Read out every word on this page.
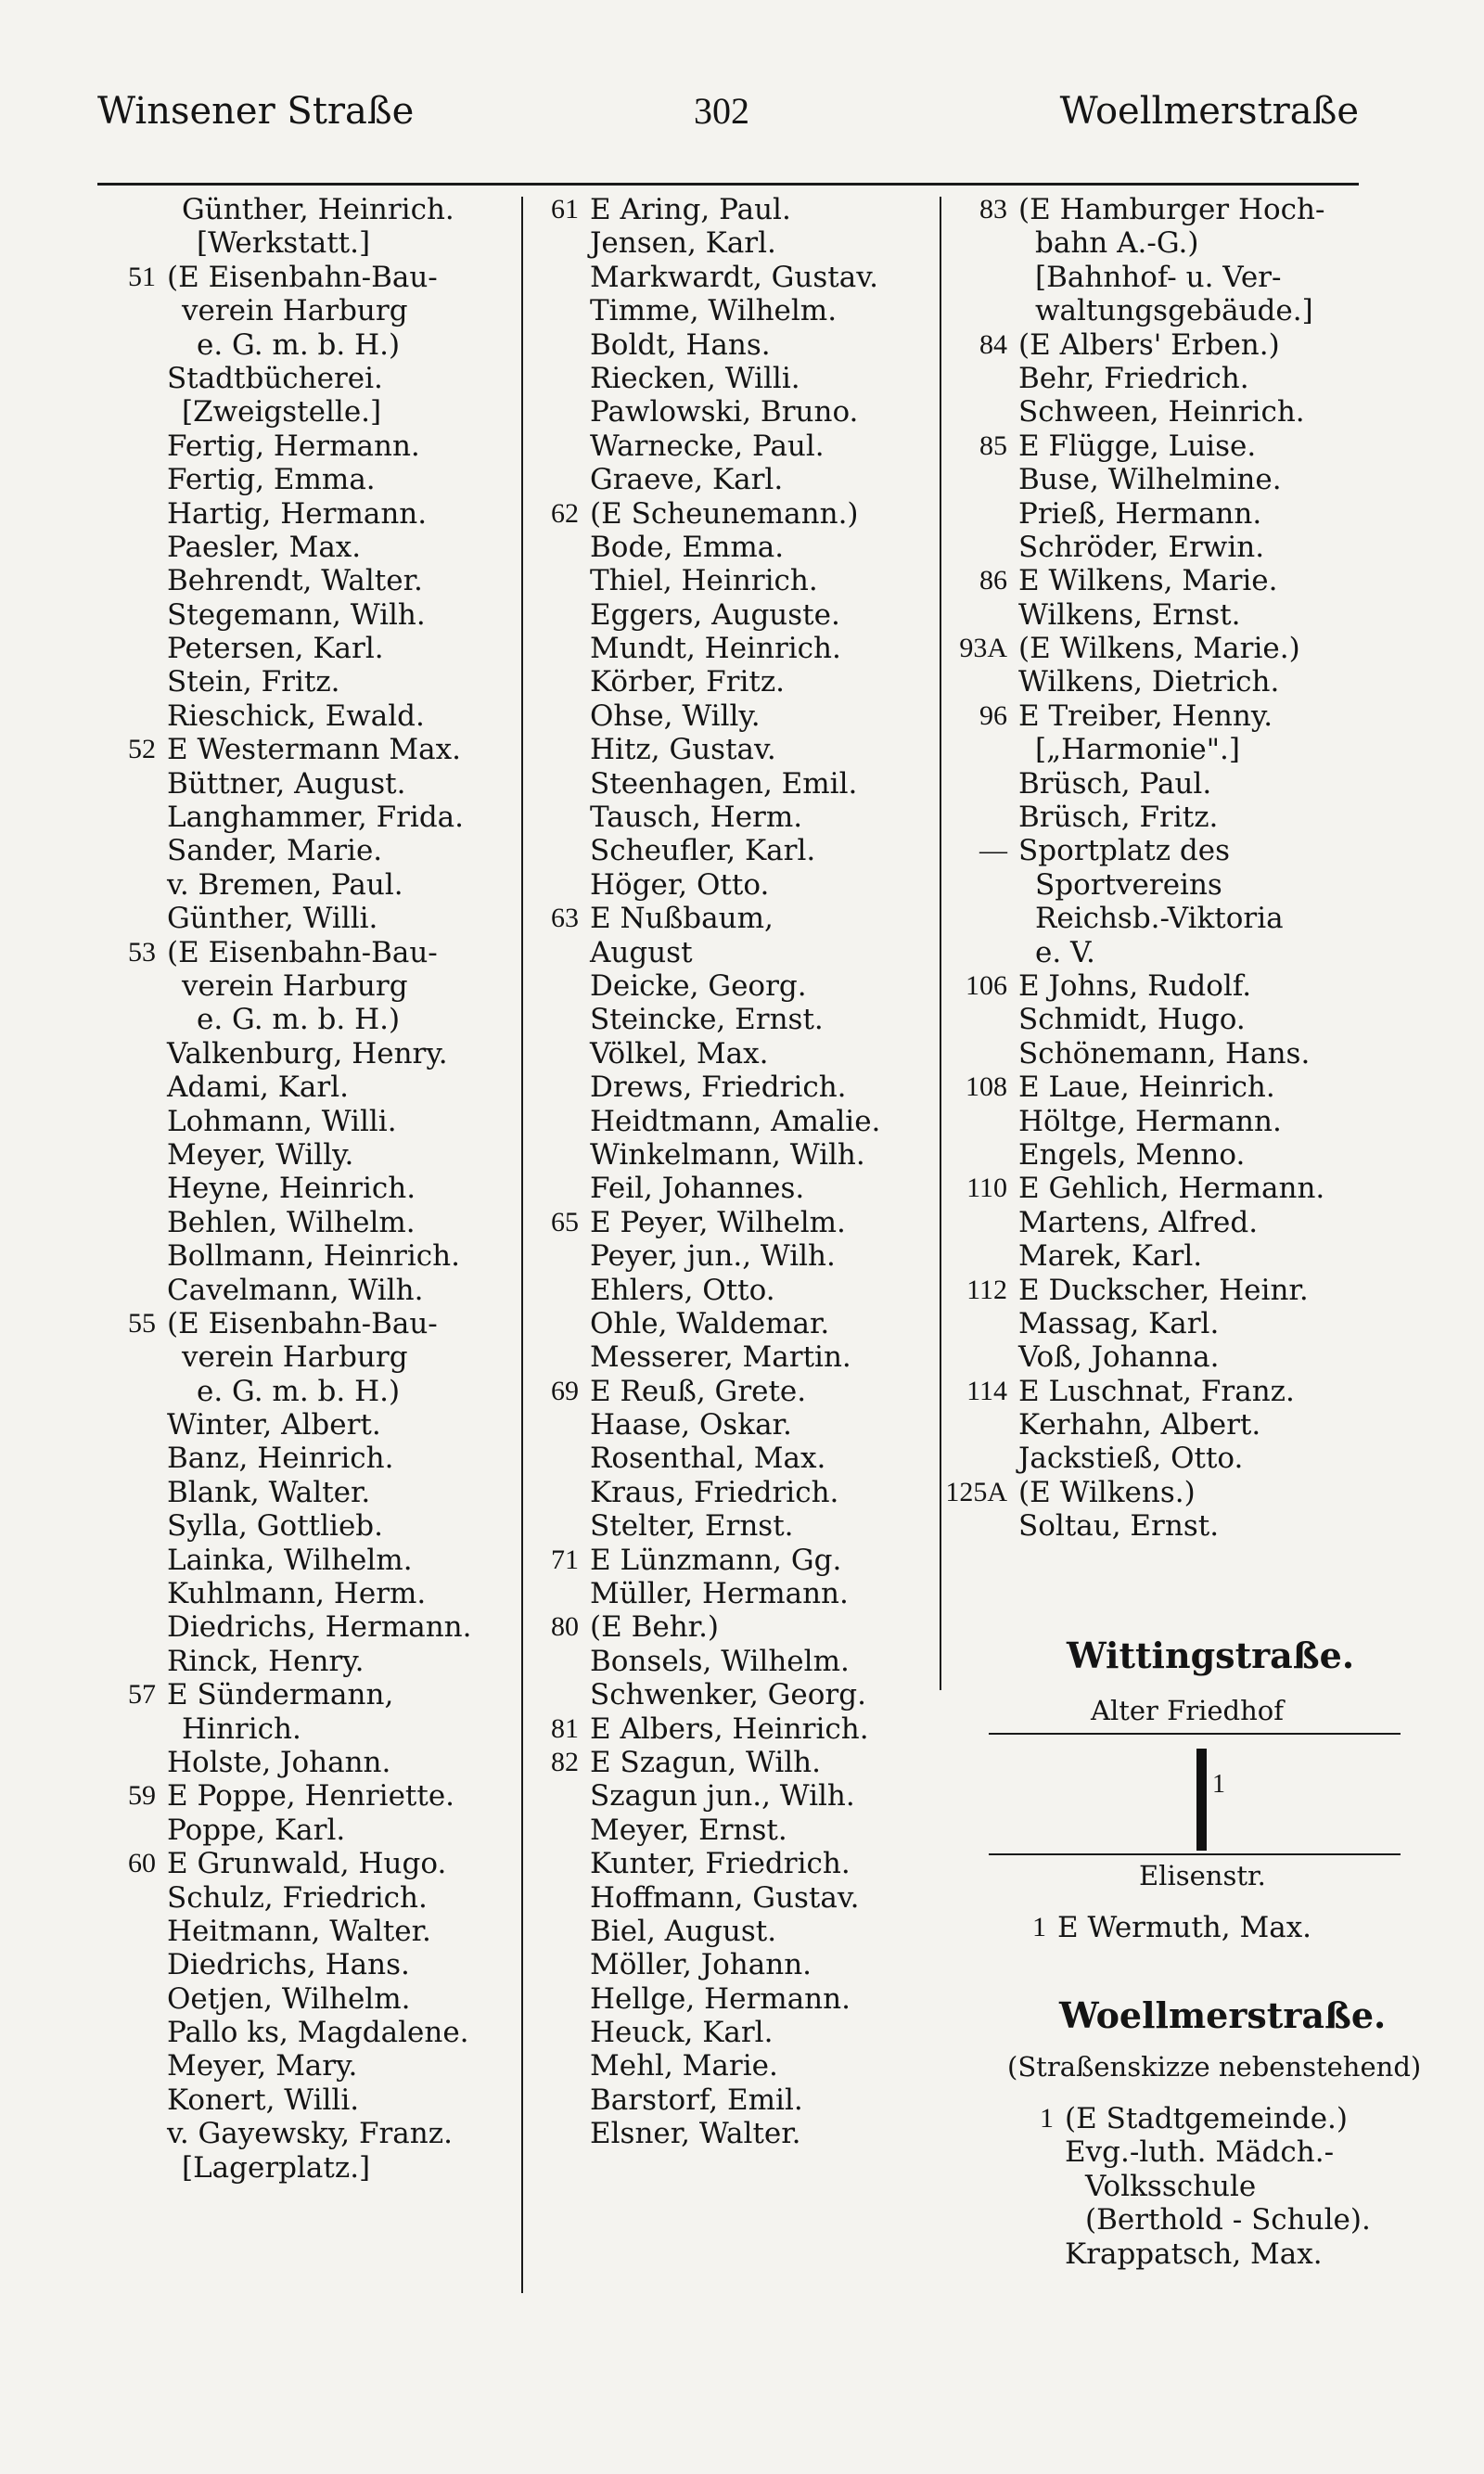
Winsener Straße	302	Woellmerstraße
Günther, Heinrich.
[Werkstatt.]
51 (E Eisenbahn-Bau-
verein Harburg
e. G. m. b. H.)
Stadtbücherei.
[Zweigstelle.]
Fertig, Hermann.
Fertig, Emma.
Hartig, Hermann.
Paesler, Max.
Behrendt, Walter.
Stegemann, Wilh.
Petersen, Karl.
Stein, Fritz.
Rieschick, Ewald.
52 E Westermann Max.
Büttner, August.
Langhammer, Frida.
Sander, Marie.
v. Bremen, Paul.
Günther, Willi.
53 (E Eisenbahn-Bau-
verein Harburg
e. G. m. b. H.)
Valkenburg, Henry.
Adami, Karl.
Lohmann, Willi.
Meyer, Willy.
Heyne, Heinrich.
Behlen, Wilhelm.
Bollmann, Heinrich.
Cavelmann, Wilh.
55 (E Eisenbahn-Bau-
verein Harburg
e. G. m. b. H.)
Winter, Albert.
Banz, Heinrich.
Blank, Walter.
Sylla, Gottlieb.
Lainka, Wilhelm.
Kuhlmann, Herm.
Diedrichs, Hermann.
Rinck, Henry.
57 E Sündermann,
Hinrich.
Holste, Johann.
59 E Poppe, Henriette.
Poppe, Karl.
60 E Grunwald, Hugo.
Schulz, Friedrich.
Heitmann, Walter.
Diedrichs, Hans.
Oetjen, Wilhelm.
Pallo ks, Magdalene.
Meyer, Mary.
Konert, Willi.
v. Gayewsky, Franz.
[Lagerplatz.]
61 E Aring, Paul.
Jensen, Karl.
Markwardt, Gustav.
Timme, Wilhelm.
Boldt, Hans.
Riecken, Willi.
Pawlowski, Bruno.
Warnecke, Paul.
Graeve, Karl.
62 (E Scheunemann.)
Bode, Emma.
Thiel, Heinrich.
Eggers, Auguste.
Mundt, Heinrich.
Körber, Fritz.
Ohse, Willy.
Hitz, Gustav.
Steenhagen, Emil.
Tausch, Herm.
Scheufler, Karl.
Höger, Otto.
63 E Nußbaum,
August
Deicke, Georg.
Steincke, Ernst.
Völkel, Max.
Drews, Friedrich.
Heidtmann, Amalie.
Winkelmann, Wilh.
Feil, Johannes.
65 E Peyer, Wilhelm.
Peyer, jun., Wilh.
Ehlers, Otto.
Ohle, Waldemar.
Messerer, Martin.
69 E Reuß, Grete.
Haase, Oskar.
Rosenthal, Max.
Kraus, Friedrich.
Stelter, Ernst.
71 E Lünzmann, Gg.
Müller, Hermann.
80 (E Behr.)
Bonsels, Wilhelm.
Schwenker, Georg.
81 E Albers, Heinrich.
82 E Szagun, Wilh.
Szagun jun., Wilh.
Meyer, Ernst.
Kunter, Friedrich.
Hoffmann, Gustav.
Biel, August.
Möller, Johann.
Hellge, Hermann.
Heuck, Karl.
Mehl, Marie.
Barstorf, Emil.
Elsner, Walter.
83 (E Hamburger Hoch-
bahn A.-G.)
[Bahnhof- u. Ver-
waltungsgebäude.]
84 (E Albers' Erben.)
Behr, Friedrich.
Schween, Heinrich.
85 E Flügge, Luise.
Buse, Wilhelmine.
Prieß, Hermann.
Schröder, Erwin.
86 E Wilkens, Marie.
Wilkens, Ernst.
93A (E Wilkens, Marie.)
Wilkens, Dietrich.
96 E Treiber, Henny.
[„Harmonie".]
Brüsch, Paul.
Brüsch, Fritz.
— Sportplatz des
Sportvereins
Reichsb.-Viktoria
e. V.
106 E Johns, Rudolf.
Schmidt, Hugo.
Schönemann, Hans.
108 E Laue, Heinrich.
Höltge, Hermann.
Engels, Menno.
110 E Gehlich, Hermann.
Martens, Alfred.
Marek, Karl.
112 E Duckscher, Heinr.
Massag, Karl.
Voß, Johanna.
114 E Luschnat, Franz.
Kerhahn, Albert.
Jackstieß, Otto.
125A (E Wilkens.)
Soltau, Ernst.
Wittingstraße.
Alter Friedhof
1
Elisenstr.
1 E Wermuth, Max.
Woellmerstraße.
(Straßenskizze nebenstehend)
1 (E Stadtgemeinde.)
Evg.-luth. Mädch.-
Volksschule
(Berthold - Schule).
Krappatsch, Max.
